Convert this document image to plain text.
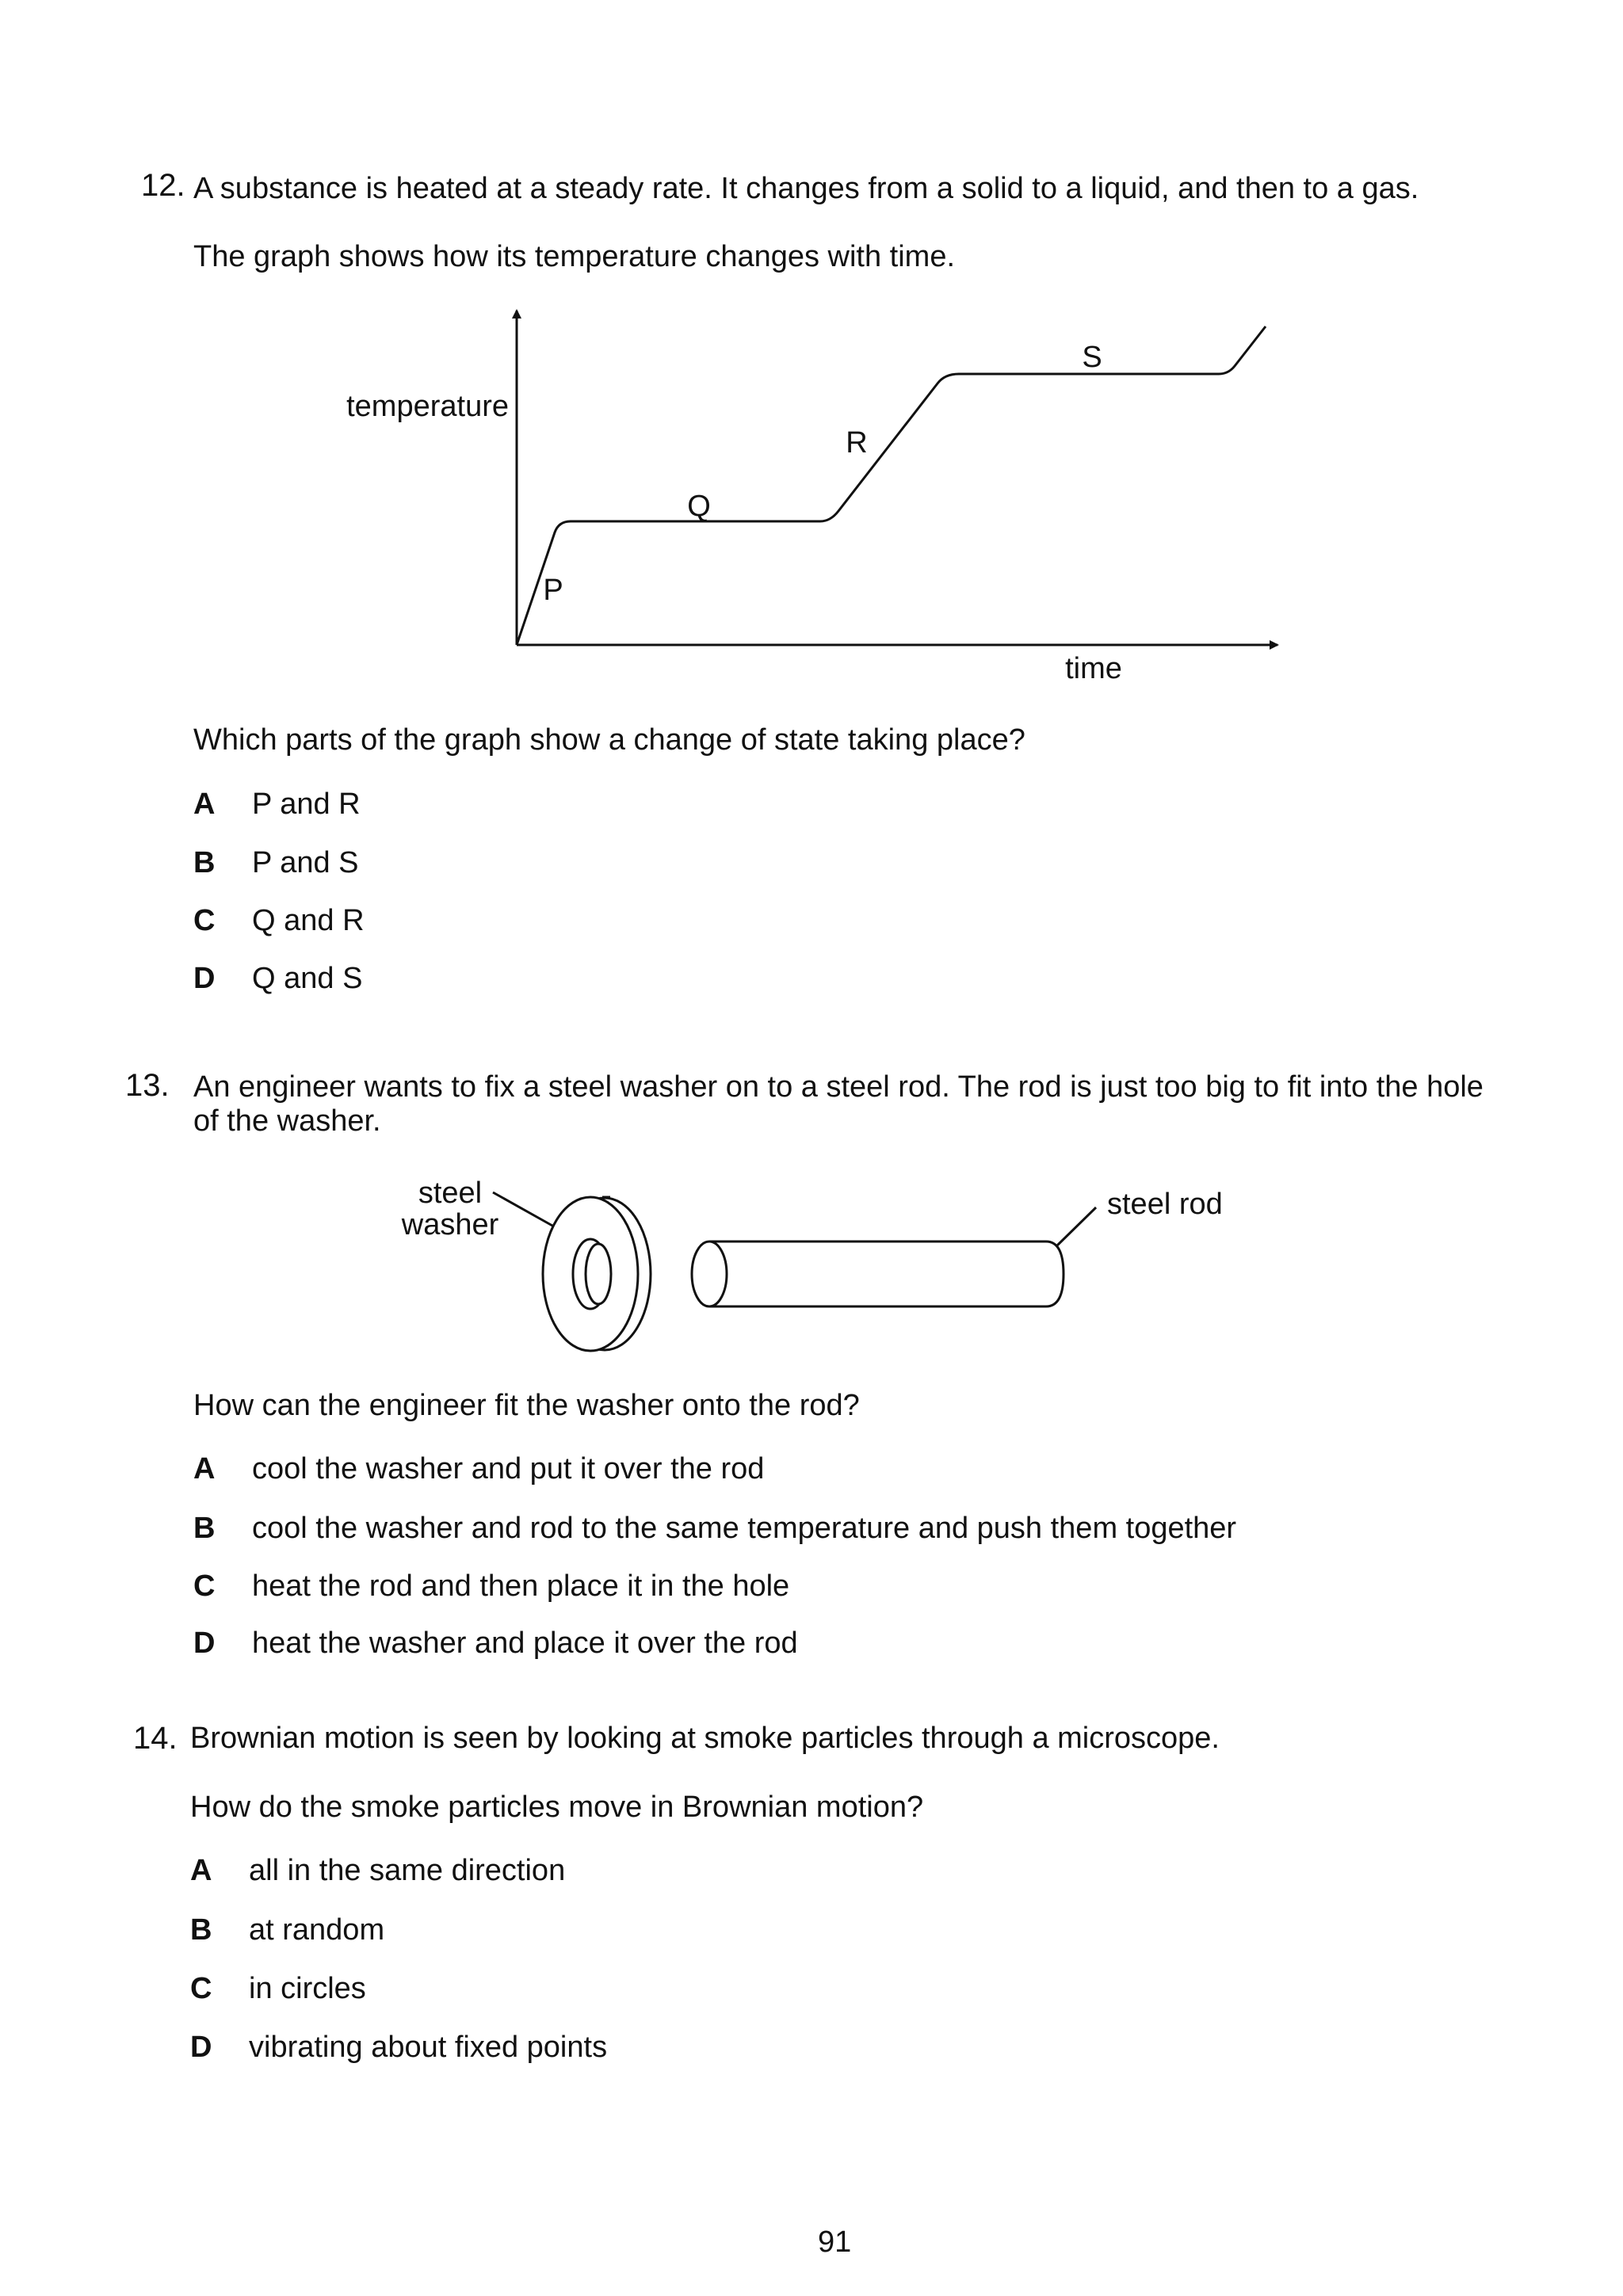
12. A substance is heated at a steady rate. It changes from a solid to a liquid, and then to a gas.
The graph shows how its temperature changes with time.
temperature
time
P
Q
R
S
Which parts of the graph show a change of state taking place?
A P and R
B P and S
C Q and R
D Q and S
13. An engineer wants to fix a steel washer on to a steel rod. The rod is just too big to fit into the hole
of the washer.
steel
washer
steel rod
How can the engineer fit the washer onto the rod?
A cool the washer and put it over the rod
B cool the washer and rod to the same temperature and push them together
C heat the rod and then place it in the hole
D heat the washer and place it over the rod
14. Brownian motion is seen by looking at smoke particles through a microscope.
How do the smoke particles move in Brownian motion?
A all in the same direction
B at random
C in circles
D vibrating about fixed points
91
